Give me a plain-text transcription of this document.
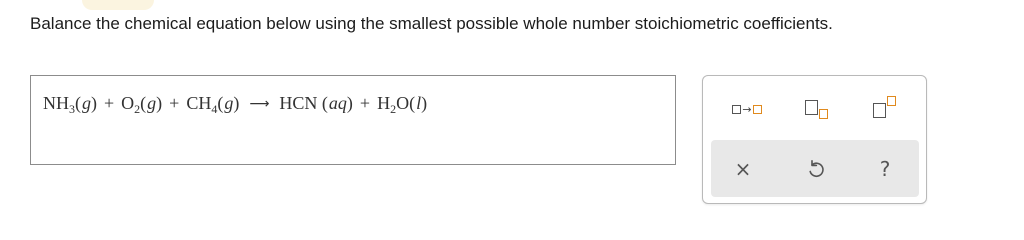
Balance the chemical equation below using the smallest possible whole number stoichiometric coefficients.
$NH_3$ ( g ) + $O_2$ ( g ) + $CH_4$ ( g ) ⟶ HCN ( aq ) + $H_2$ O ( l )	→
×	?
